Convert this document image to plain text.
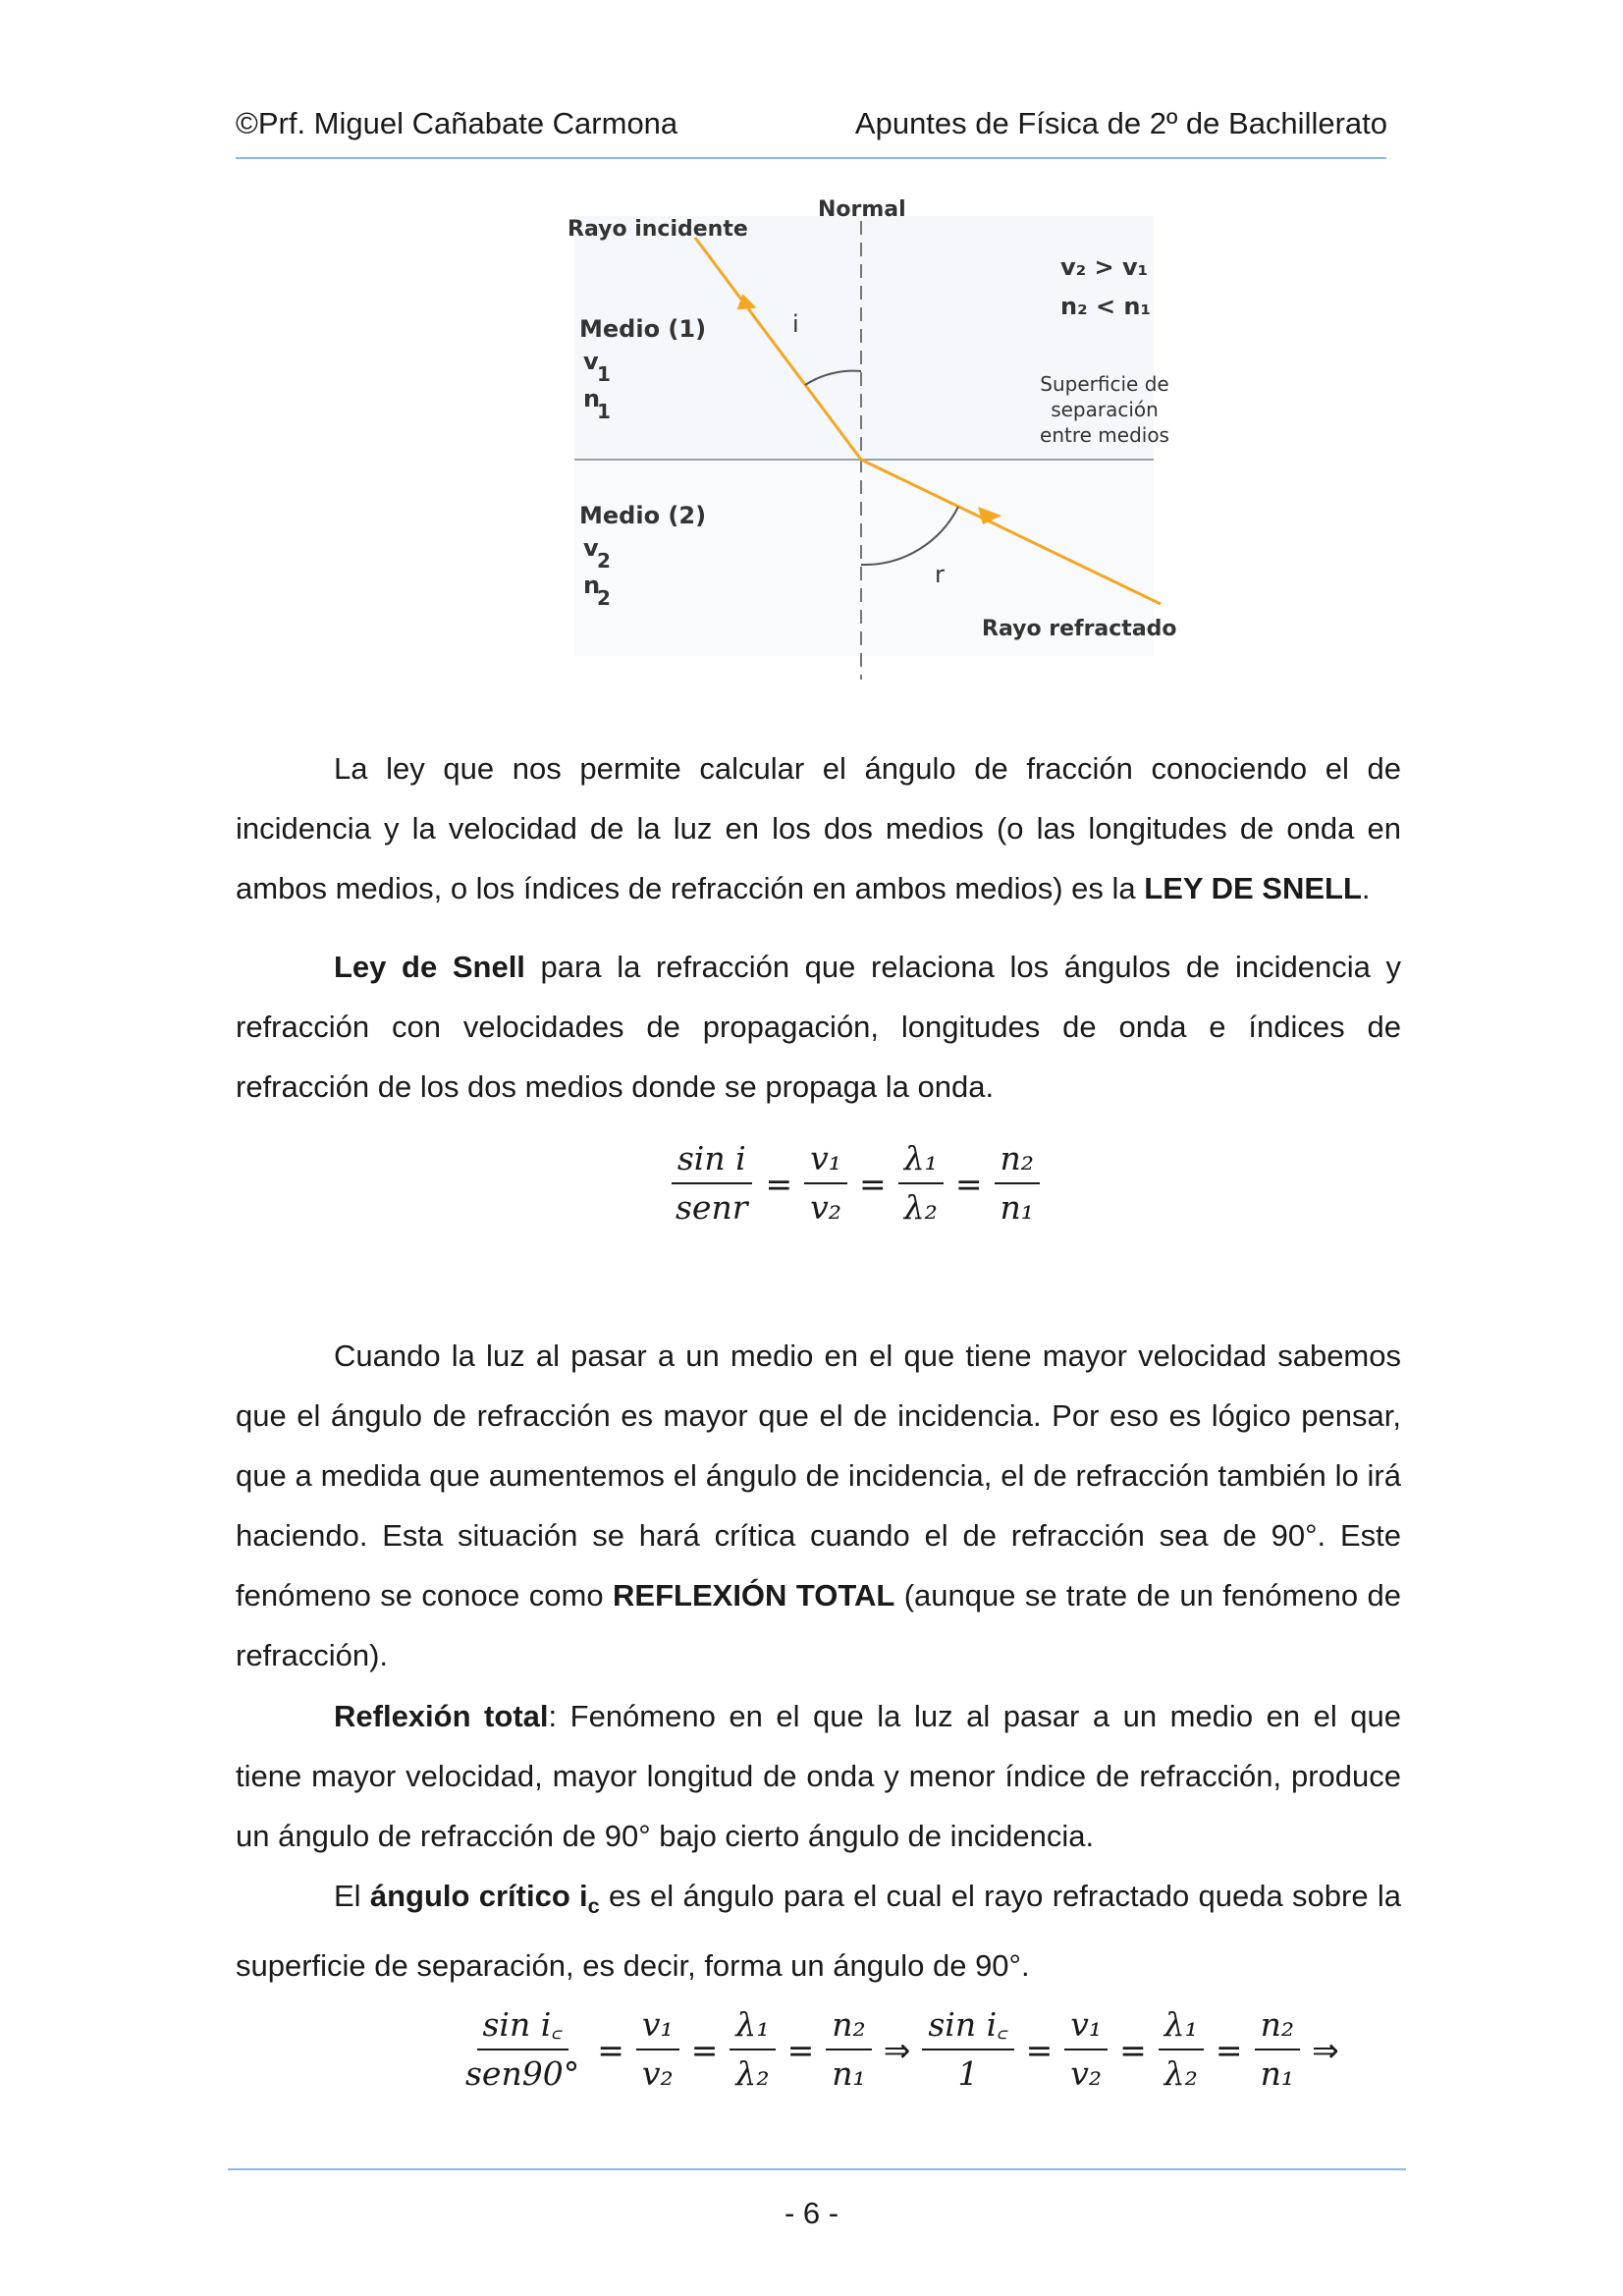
©Prf. Miguel Cañabate Carmona	Apuntes de Física de 2º de Bachillerato
Rayo incidente
Normal
Medio (1)
v
1
n
1
i
v₂ > v₁
n₂ < n₁
Superficie de
separación
entre medios
Medio (2)
v
2
n
2
r
Rayo refractado

La ley que nos permite calcular el ángulo de fracción conociendo el de incidencia y la velocidad de la luz en los dos medios (o las longitudes de onda en ambos medios, o los índices de refracción en ambos medios) es la LEY DE SNELL.

Ley de Snell para la refracción que relaciona los ángulos de incidencia y refracción con velocidades de propagación, longitudes de onda e índices de refracción de los dos medios donde se propaga la onda.

$\frac{\text{sin i}}{\text{senr}} = \frac{\text{v₁}}{\text{v₂}} = \frac{\text{λ₁}}{\text{λ₂}} = \frac{\text{n₂}}{\text{n₁}}$

Cuando la luz al pasar a un medio en el que tiene mayor velocidad sabemos que el ángulo de refracción es mayor que el de incidencia. Por eso es lógico pensar, que a medida que aumentemos el ángulo de incidencia, el de refracción también lo irá haciendo. Esta situación se hará crítica cuando el de refracción sea de 90°. Este fenómeno se conoce como REFLEXIÓN TOTAL (aunque se trate de un fenómeno de refracción).

Reflexión total: Fenómeno en el que la luz al pasar a un medio en el que tiene mayor velocidad, mayor longitud de onda y menor índice de refracción, produce un ángulo de refracción de 90° bajo cierto ángulo de incidencia.

El ángulo crítico $i_c$ es el ángulo para el cual el rayo refractado queda sobre la superficie de separación, es decir, forma un ángulo de 90°.

$\frac{\text{sin i꜀}}{\text{sen90°}} = \frac{\text{v₁}}{\text{v₂}} = \frac{\text{λ₁}}{\text{λ₂}} = \frac{\text{n₂}}{\text{n₁}}$ ⇒ $\frac{\text{sin i꜀}}{1} = \frac{\text{v₁}}{\text{v₂}} = \frac{\text{λ₁}}{\text{λ₂}} = \frac{\text{n₂}}{\text{n₁}}$ ⇒
- 6 -
